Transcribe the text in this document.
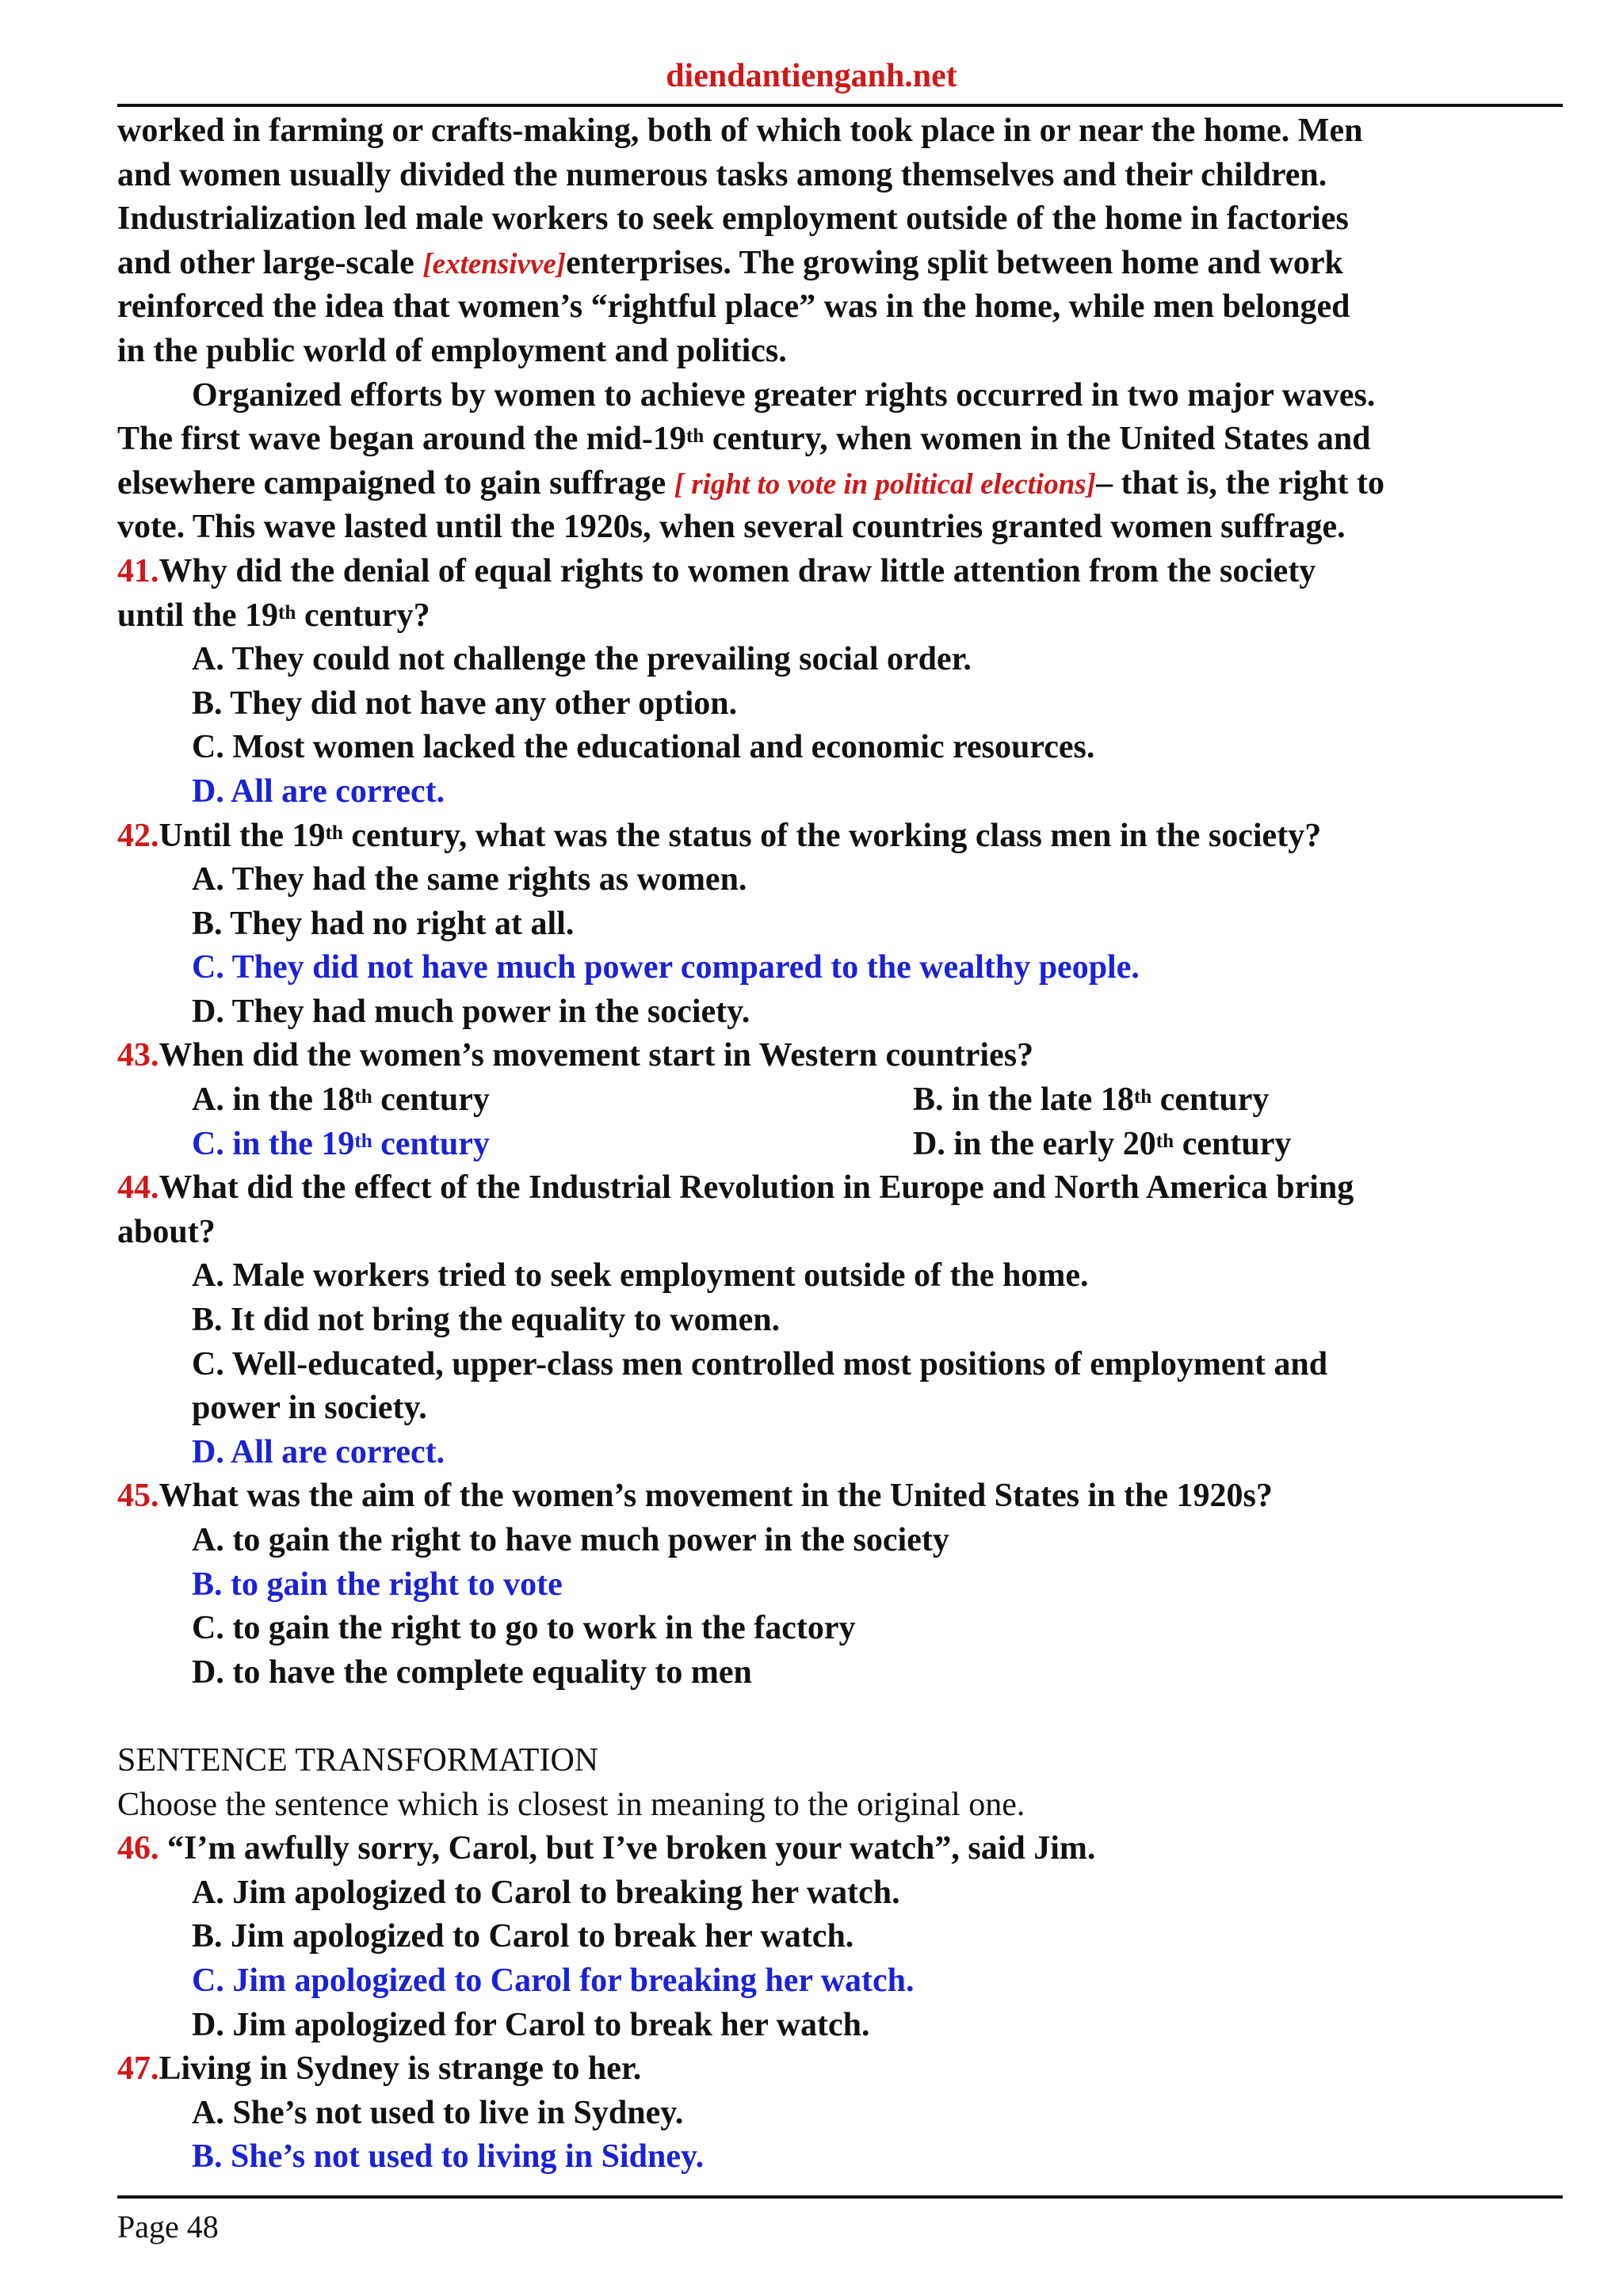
diendantienganh.net
worked in farming or crafts-making, both of which took place in or near the home. Men
and women usually divided the numerous tasks among themselves and their children.
Industrialization led male workers to seek employment outside of the home in factories
and other large-scale [extensivve]enterprises. The growing split between home and work
reinforced the idea that women’s “rightful place” was in the home, while men belonged
in the public world of employment and politics.
Organized efforts by women to achieve greater rights occurred in two major waves.
The first wave began around the mid-19th century, when women in the United States and
elsewhere campaigned to gain suffrage [ right to vote in political elections]– that is, the right to
vote. This wave lasted until the 1920s, when several countries granted women suffrage.
41.Why did the denial of equal rights to women draw little attention from the society
until the 19th century?
A. They could not challenge the prevailing social order.
B. They did not have any other option.
C. Most women lacked the educational and economic resources.
D. All are correct.
42.Until the 19th century, what was the status of the working class men in the society?
A. They had the same rights as women.
B. They had no right at all.
C. They did not have much power compared to the wealthy people.
D. They had much power in the society.
43.When did the women’s movement start in Western countries?
A. in the 18th century	B. in the late 18th century
C. in the 19th century	D. in the early 20th century
44.What did the effect of the Industrial Revolution in Europe and North America bring
about?
A. Male workers tried to seek employment outside of the home.
B. It did not bring the equality to women.
C. Well-educated, upper-class men controlled most positions of employment and
power in society.
D. All are correct.
45.What was the aim of the women’s movement in the United States in the 1920s?
A. to gain the right to have much power in the society
B. to gain the right to vote
C. to gain the right to go to work in the factory
D. to have the complete equality to men
SENTENCE TRANSFORMATION
Choose the sentence which is closest in meaning to the original one.
46. “I’m awfully sorry, Carol, but I’ve broken your watch”, said Jim.
A. Jim apologized to Carol to breaking her watch.
B. Jim apologized to Carol to break her watch.
C. Jim apologized to Carol for breaking her watch.
D. Jim apologized for Carol to break her watch.
47.Living in Sydney is strange to her.
A. She’s not used to live in Sydney.
B. She’s not used to living in Sidney.
Page 48
